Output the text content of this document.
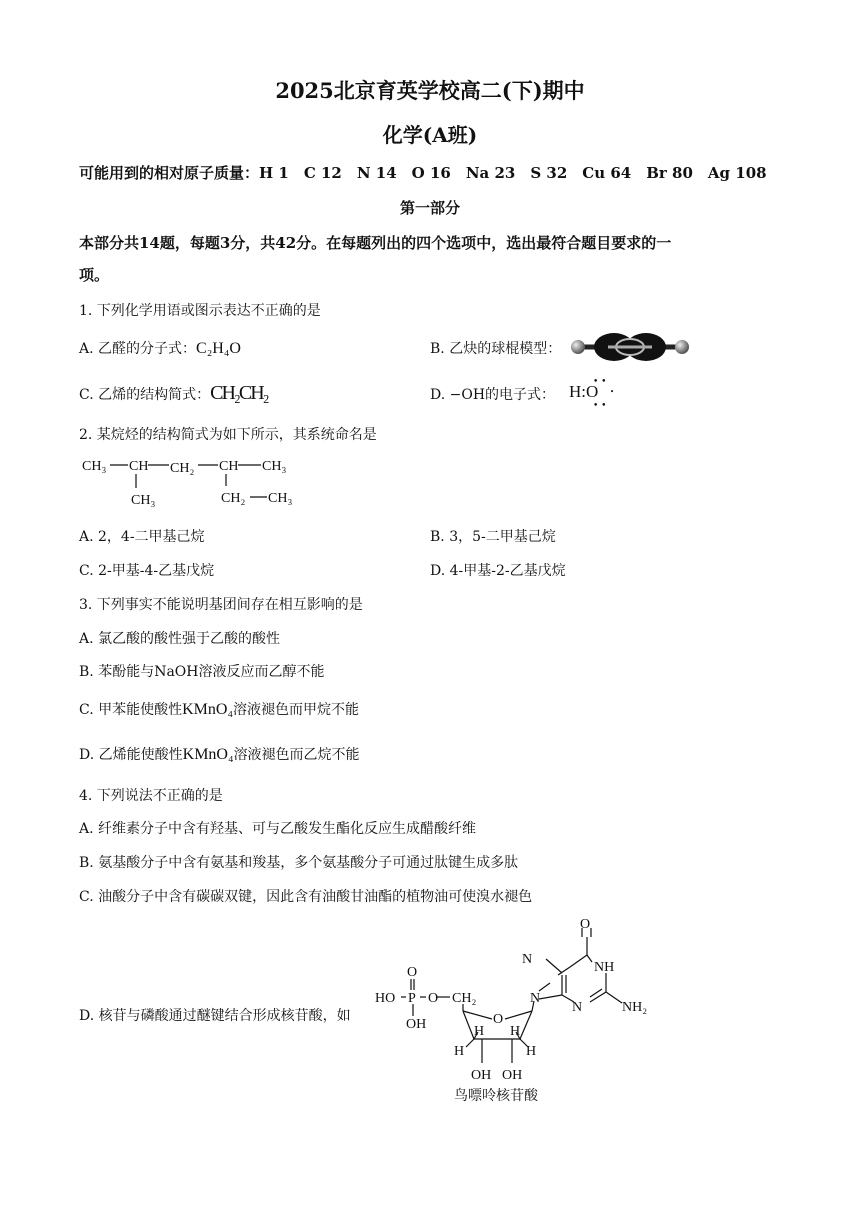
2025北京育英学校高二(下)期中
化学(A班)
可能用到的相对原子质量：H 1　C 12　N 14　O 16　Na 23　S 32　Cu 64　Br 80　Ag 108
第一部分
本部分共14题，每题3分，共42分。在每题列出的四个选项中，选出最符合题目要求的一
项。
1. 下列化学用语或图示表达不正确的是
A. 乙醛的分子式：C₂H₄O	B. 乙炔的球棍模型：
C. 乙烯的结构简式：CH₂CH₂	D. −OH的电子式： H:O
• •
• •
•
2. 某烷烃的结构简式为如下所示，其系统命名是
CH₃ CH CH₂ CH CH₃
CH₃	CH₂ CH₃
A. 2，4-二甲基己烷	B. 3，5-二甲基己烷
C. 2-甲基-4-乙基戊烷	D. 4-甲基-2-乙基戊烷
3. 下列事实不能说明基团间存在相互影响的是
A. 氯乙酸的酸性强于乙酸的酸性
B. 苯酚能与NaOH溶液反应而乙醇不能
C. 甲苯能使酸性KMnO₄溶液褪色而甲烷不能
D. 乙烯能使酸性KMnO₄溶液褪色而乙烷不能
4. 下列说法不正确的是
A. 纤维素分子中含有羟基、可与乙酸发生酯化反应生成醋酸纤维
B. 氨基酸分子中含有氨基和羧基，多个氨基酸分子可通过肽键生成多肽
C. 油酸分子中含有碳碳双键，因此含有油酸甘油酯的植物油可使溴水褪色
D. 核苷与磷酸通过醚键结合形成核苷酸，如
O
HO P O CH₂
OH	O
H H
H	H
OH OH
N
N
O
NH
N	NH₂
鸟嘌呤核苷酸
